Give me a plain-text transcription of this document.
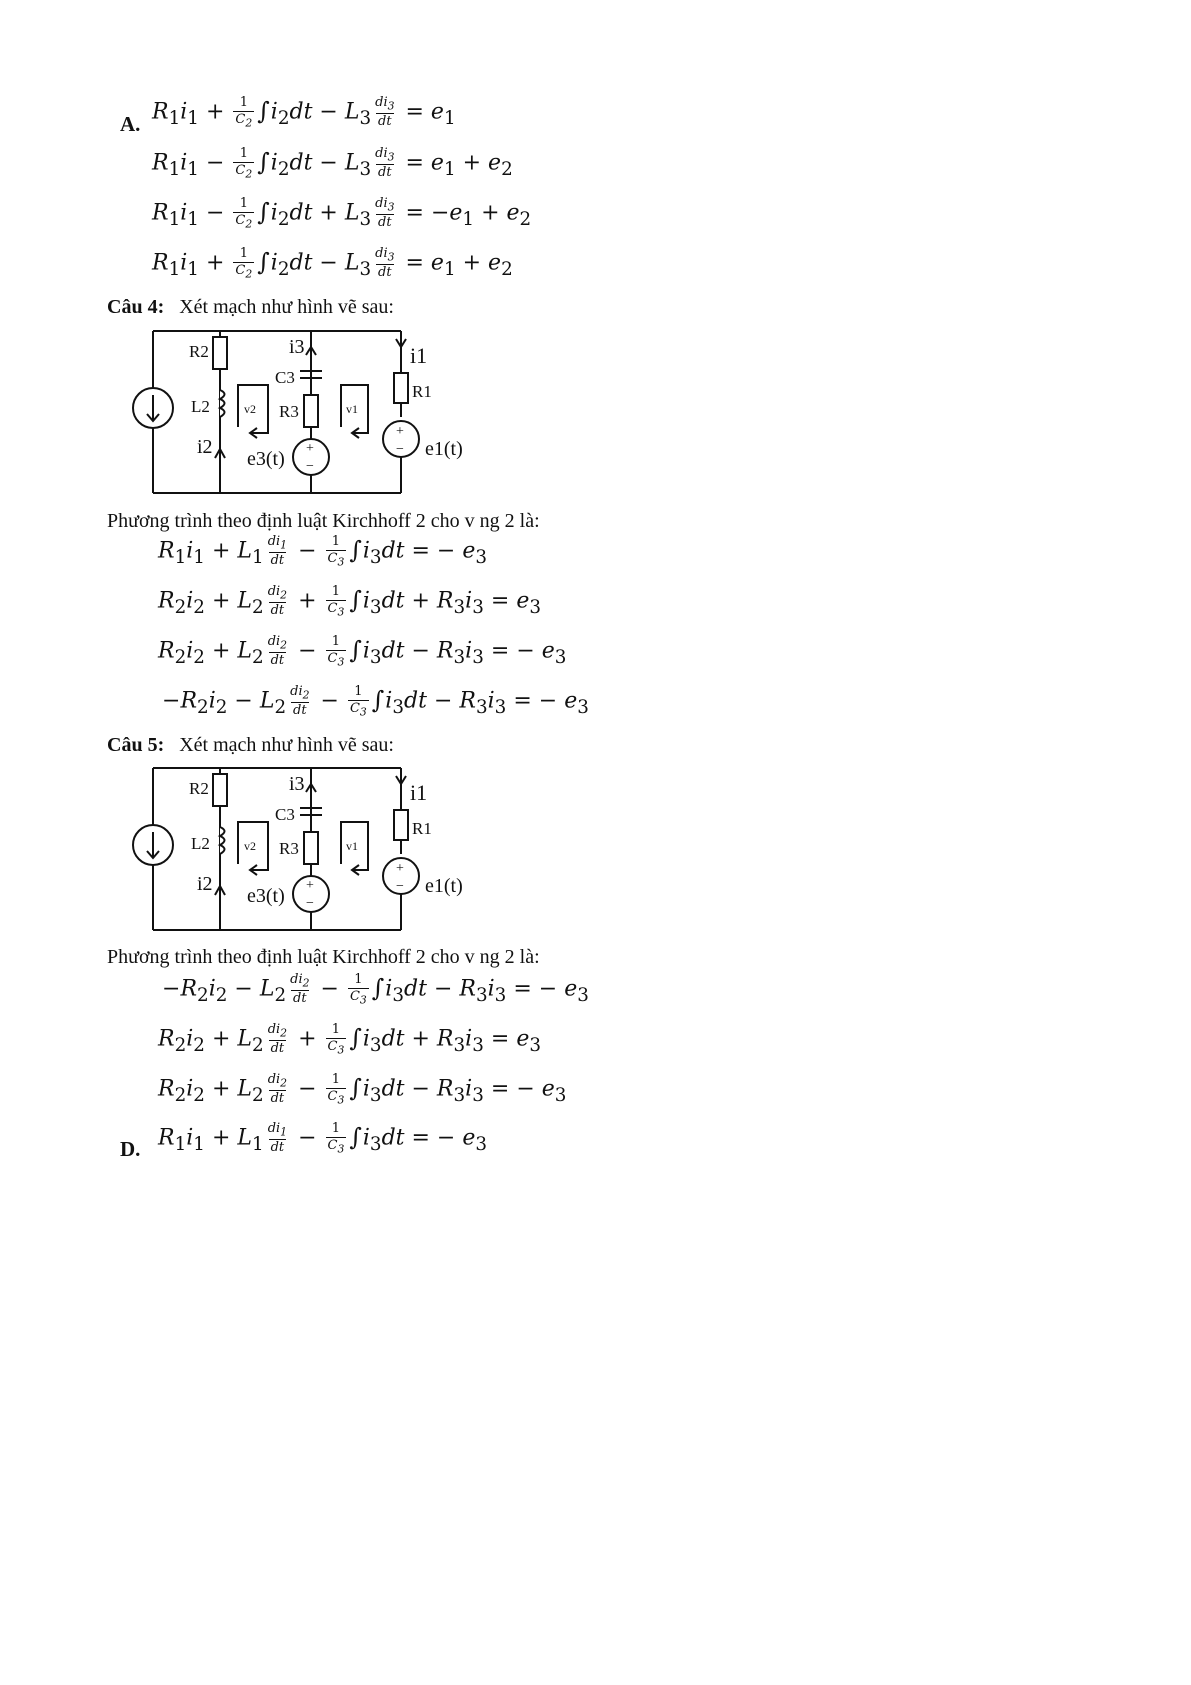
A. $R_1i_1 + \frac{1}{C_2} \int i_2dt - L_3 \frac{di_3}{dt} = e_1$
$R_1i_1 - \frac{1}{C_2} \int i_2dt - L_3 \frac{di_3}{dt} = e_1 + e_2$
$R_1i_1 - \frac{1}{C_2} \int i_2dt + L_3 \frac{di_3}{dt} = -e_1 + e_2$
$R_1i_1 + \frac{1}{C_2} \int i_2dt - L_3 \frac{di_3}{dt} = e_1 + e_2$
Câu 4: Xét mạch như hình vẽ sau:
R2
L2	v2
i2
i3
C3
R3	v1
i1
R1
e3(t)	e1(t)
+
−
+
−
Phương trình theo định luật Kirchhoff 2 cho v ng 2 là:
$R_1i_1 + L_1 \frac{di_1}{dt} - \frac{1}{C_3} \int i_3dt$ = − $e_3$
$R_2i_2 + L_2 \frac{di_2}{dt} + \frac{1}{C_3} \int i_3dt + R_3i_3 = e_3$
$R_2i_2 + L_2 \frac{di_2}{dt} - \frac{1}{C_3} \int i_3dt - R_3i_3$ = − $e_3$
$-R_2i_2 - L_2 \frac{di_2}{dt} - \frac{1}{C_3} \int i_3dt - R_3i_3$ = − $e_3$
Câu 5: Xét mạch như hình vẽ sau:
R2
L2	v2
i2
i3
C3
R3	v1
i1
R1
e3(t)	e1(t)
+
−
+
−
Phương trình theo định luật Kirchhoff 2 cho v ng 2 là:
$-R_2i_2 - L_2 \frac{di_2}{dt} - \frac{1}{C_3} \int i_3dt - R_3i_3$ = − $e_3$
$R_2i_2 + L_2 \frac{di_2}{dt} + \frac{1}{C_3} \int i_3dt + R_3i_3 = e_3$
$R_2i_2 + L_2 \frac{di_2}{dt} - \frac{1}{C_3} \int i_3dt - R_3i_3$ = − $e_3$
D. $R_1i_1 + L_1 \frac{di_1}{dt} - \frac{1}{C_3} \int i_3dt$ = − $e_3$
